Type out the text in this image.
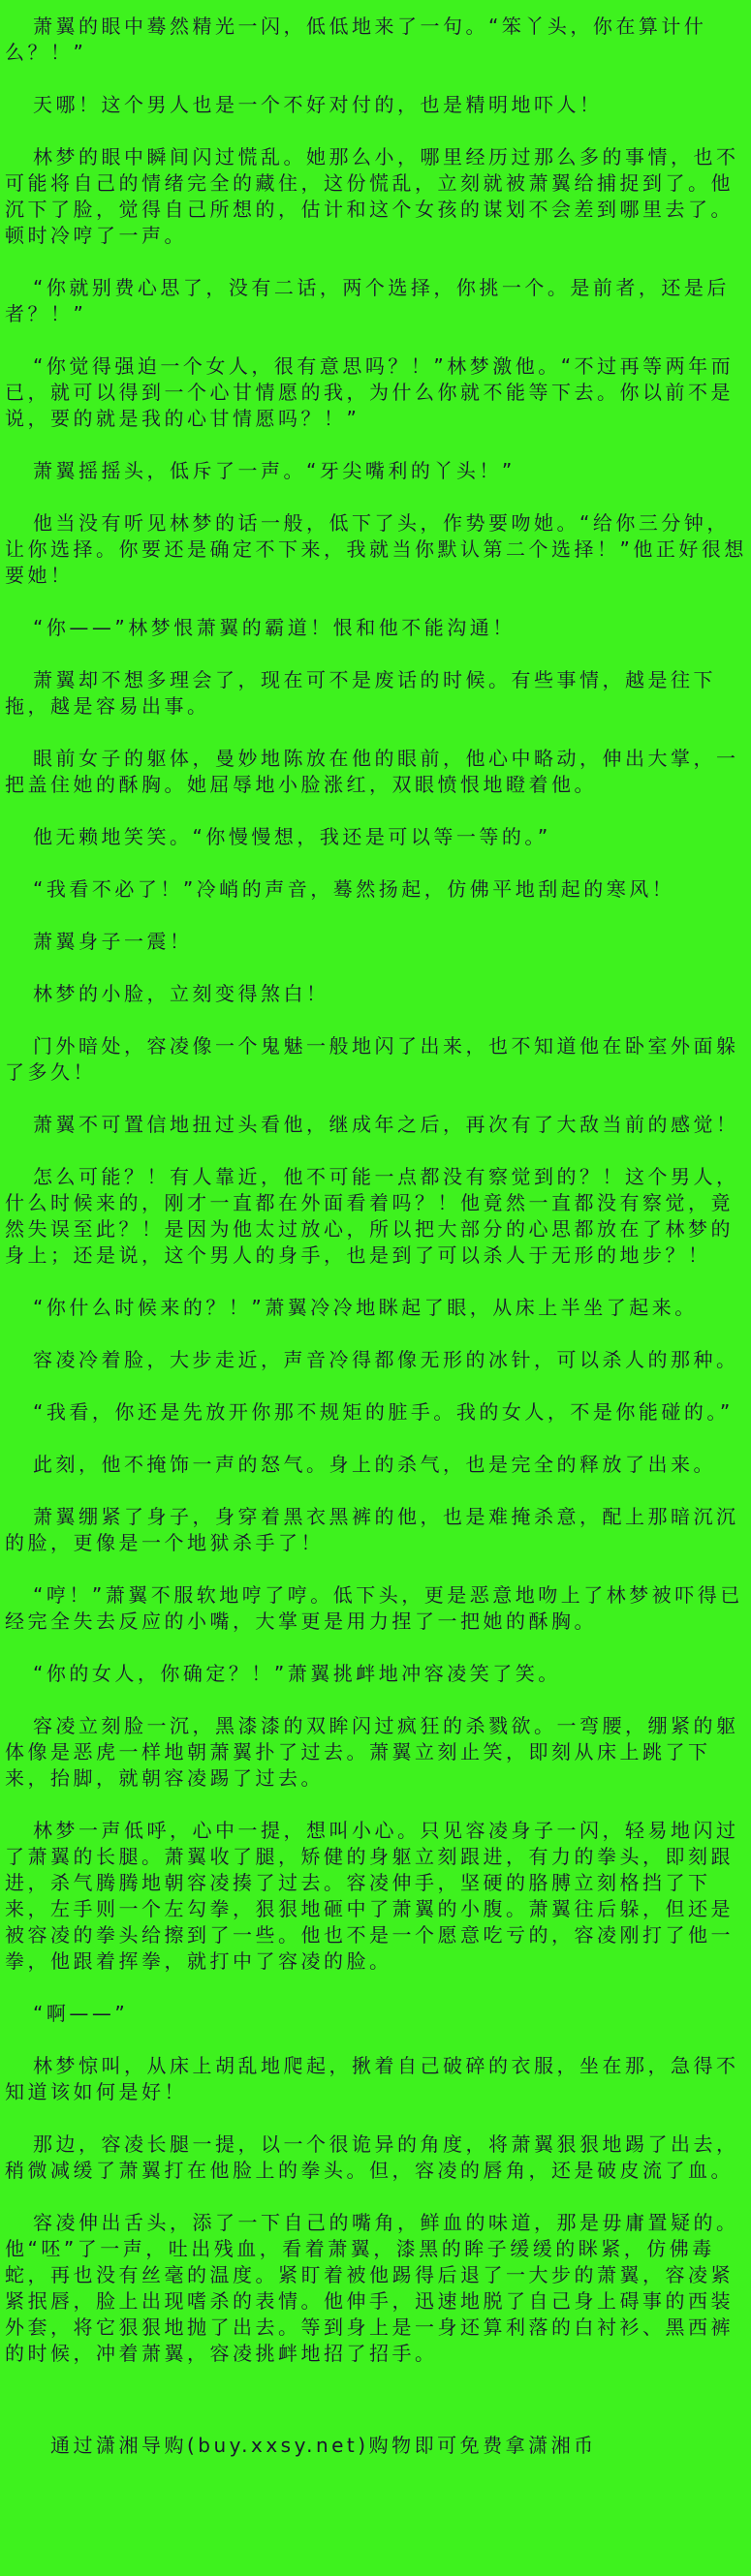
萧翼的眼中蓦然精光一闪，低低地来了一句。“笨丫头，你在算计什么？！”
天哪！这个男人也是一个不好对付的，也是精明地吓人！
林梦的眼中瞬间闪过慌乱。她那么小，哪里经历过那么多的事情，也不可能将自己的情绪完全的藏住，这份慌乱，立刻就被萧翼给捕捉到了。他沉下了脸，觉得自己所想的，估计和这个女孩的谋划不会差到哪里去了。顿时冷哼了一声。
“你就别费心思了，没有二话，两个选择，你挑一个。是前者，还是后者？！”
“你觉得强迫一个女人，很有意思吗？！”林梦激他。“不过再等两年而已，就可以得到一个心甘情愿的我，为什么你就不能等下去。你以前不是说，要的就是我的心甘情愿吗？！”
萧翼摇摇头，低斥了一声。“牙尖嘴利的丫头！”
他当没有听见林梦的话一般，低下了头，作势要吻她。“给你三分钟，让你选择。你要还是确定不下来，我就当你默认第二个选择！”他正好很想要她！
“你——”林梦恨萧翼的霸道！恨和他不能沟通！
萧翼却不想多理会了，现在可不是废话的时候。有些事情，越是往下拖，越是容易出事。
眼前女子的躯体，曼妙地陈放在他的眼前，他心中略动，伸出大掌，一把盖住她的酥胸。她屈辱地小脸涨红，双眼愤恨地瞪着他。
他无赖地笑笑。“你慢慢想，我还是可以等一等的。”
“我看不必了！”冷峭的声音，蓦然扬起，仿佛平地刮起的寒风！
萧翼身子一震！
林梦的小脸，立刻变得煞白！
门外暗处，容凌像一个鬼魅一般地闪了出来，也不知道他在卧室外面躲了多久！
萧翼不可置信地扭过头看他，继成年之后，再次有了大敌当前的感觉！
怎么可能？！有人靠近，他不可能一点都没有察觉到的？！这个男人，什么时候来的，刚才一直都在外面看着吗？！他竟然一直都没有察觉，竟然失误至此？！是因为他太过放心，所以把大部分的心思都放在了林梦的身上；还是说，这个男人的身手，也是到了可以杀人于无形的地步？！
“你什么时候来的？！”萧翼冷冷地眯起了眼，从床上半坐了起来。
容凌冷着脸，大步走近，声音冷得都像无形的冰针，可以杀人的那种。
“我看，你还是先放开你那不规矩的脏手。我的女人，不是你能碰的。”
此刻，他不掩饰一声的怒气。身上的杀气，也是完全的释放了出来。
萧翼绷紧了身子，身穿着黑衣黑裤的他，也是难掩杀意，配上那暗沉沉的脸，更像是一个地狱杀手了！
“哼！”萧翼不服软地哼了哼。低下头，更是恶意地吻上了林梦被吓得已经完全失去反应的小嘴，大掌更是用力捏了一把她的酥胸。
“你的女人，你确定？！”萧翼挑衅地冲容凌笑了笑。
容凌立刻脸一沉，黑漆漆的双眸闪过疯狂的杀戮欲。一弯腰，绷紧的躯体像是恶虎一样地朝萧翼扑了过去。萧翼立刻止笑，即刻从床上跳了下来，抬脚，就朝容凌踢了过去。
林梦一声低呼，心中一提，想叫小心。只见容凌身子一闪，轻易地闪过了萧翼的长腿。萧翼收了腿，矫健的身躯立刻跟进，有力的拳头，即刻跟进，杀气腾腾地朝容凌揍了过去。容凌伸手，坚硬的胳膊立刻格挡了下来，左手则一个左勾拳，狠狠地砸中了萧翼的小腹。萧翼往后躲，但还是被容凌的拳头给擦到了一些。他也不是一个愿意吃亏的，容凌刚打了他一拳，他跟着挥拳，就打中了容凌的脸。
“啊——”
林梦惊叫，从床上胡乱地爬起，揪着自己破碎的衣服，坐在那，急得不知道该如何是好！
那边，容凌长腿一提，以一个很诡异的角度，将萧翼狠狠地踢了出去，稍微减缓了萧翼打在他脸上的拳头。但，容凌的唇角，还是破皮流了血。
容凌伸出舌头，添了一下自己的嘴角，鲜血的味道，那是毋庸置疑的。他“呸”了一声，吐出残血，看着萧翼，漆黑的眸子缓缓的眯紧，仿佛毒蛇，再也没有丝毫的温度。紧盯着被他踢得后退了一大步的萧翼，容凌紧紧抿唇，脸上出现嗜杀的表情。他伸手，迅速地脱了自己身上碍事的西装外套，将它狠狠地抛了出去。等到身上是一身还算利落的白衬衫、黑西裤的时候，冲着萧翼，容凌挑衅地招了招手。
通过潇湘导购(buy.xxsy.net)购物即可免费拿潇湘币
